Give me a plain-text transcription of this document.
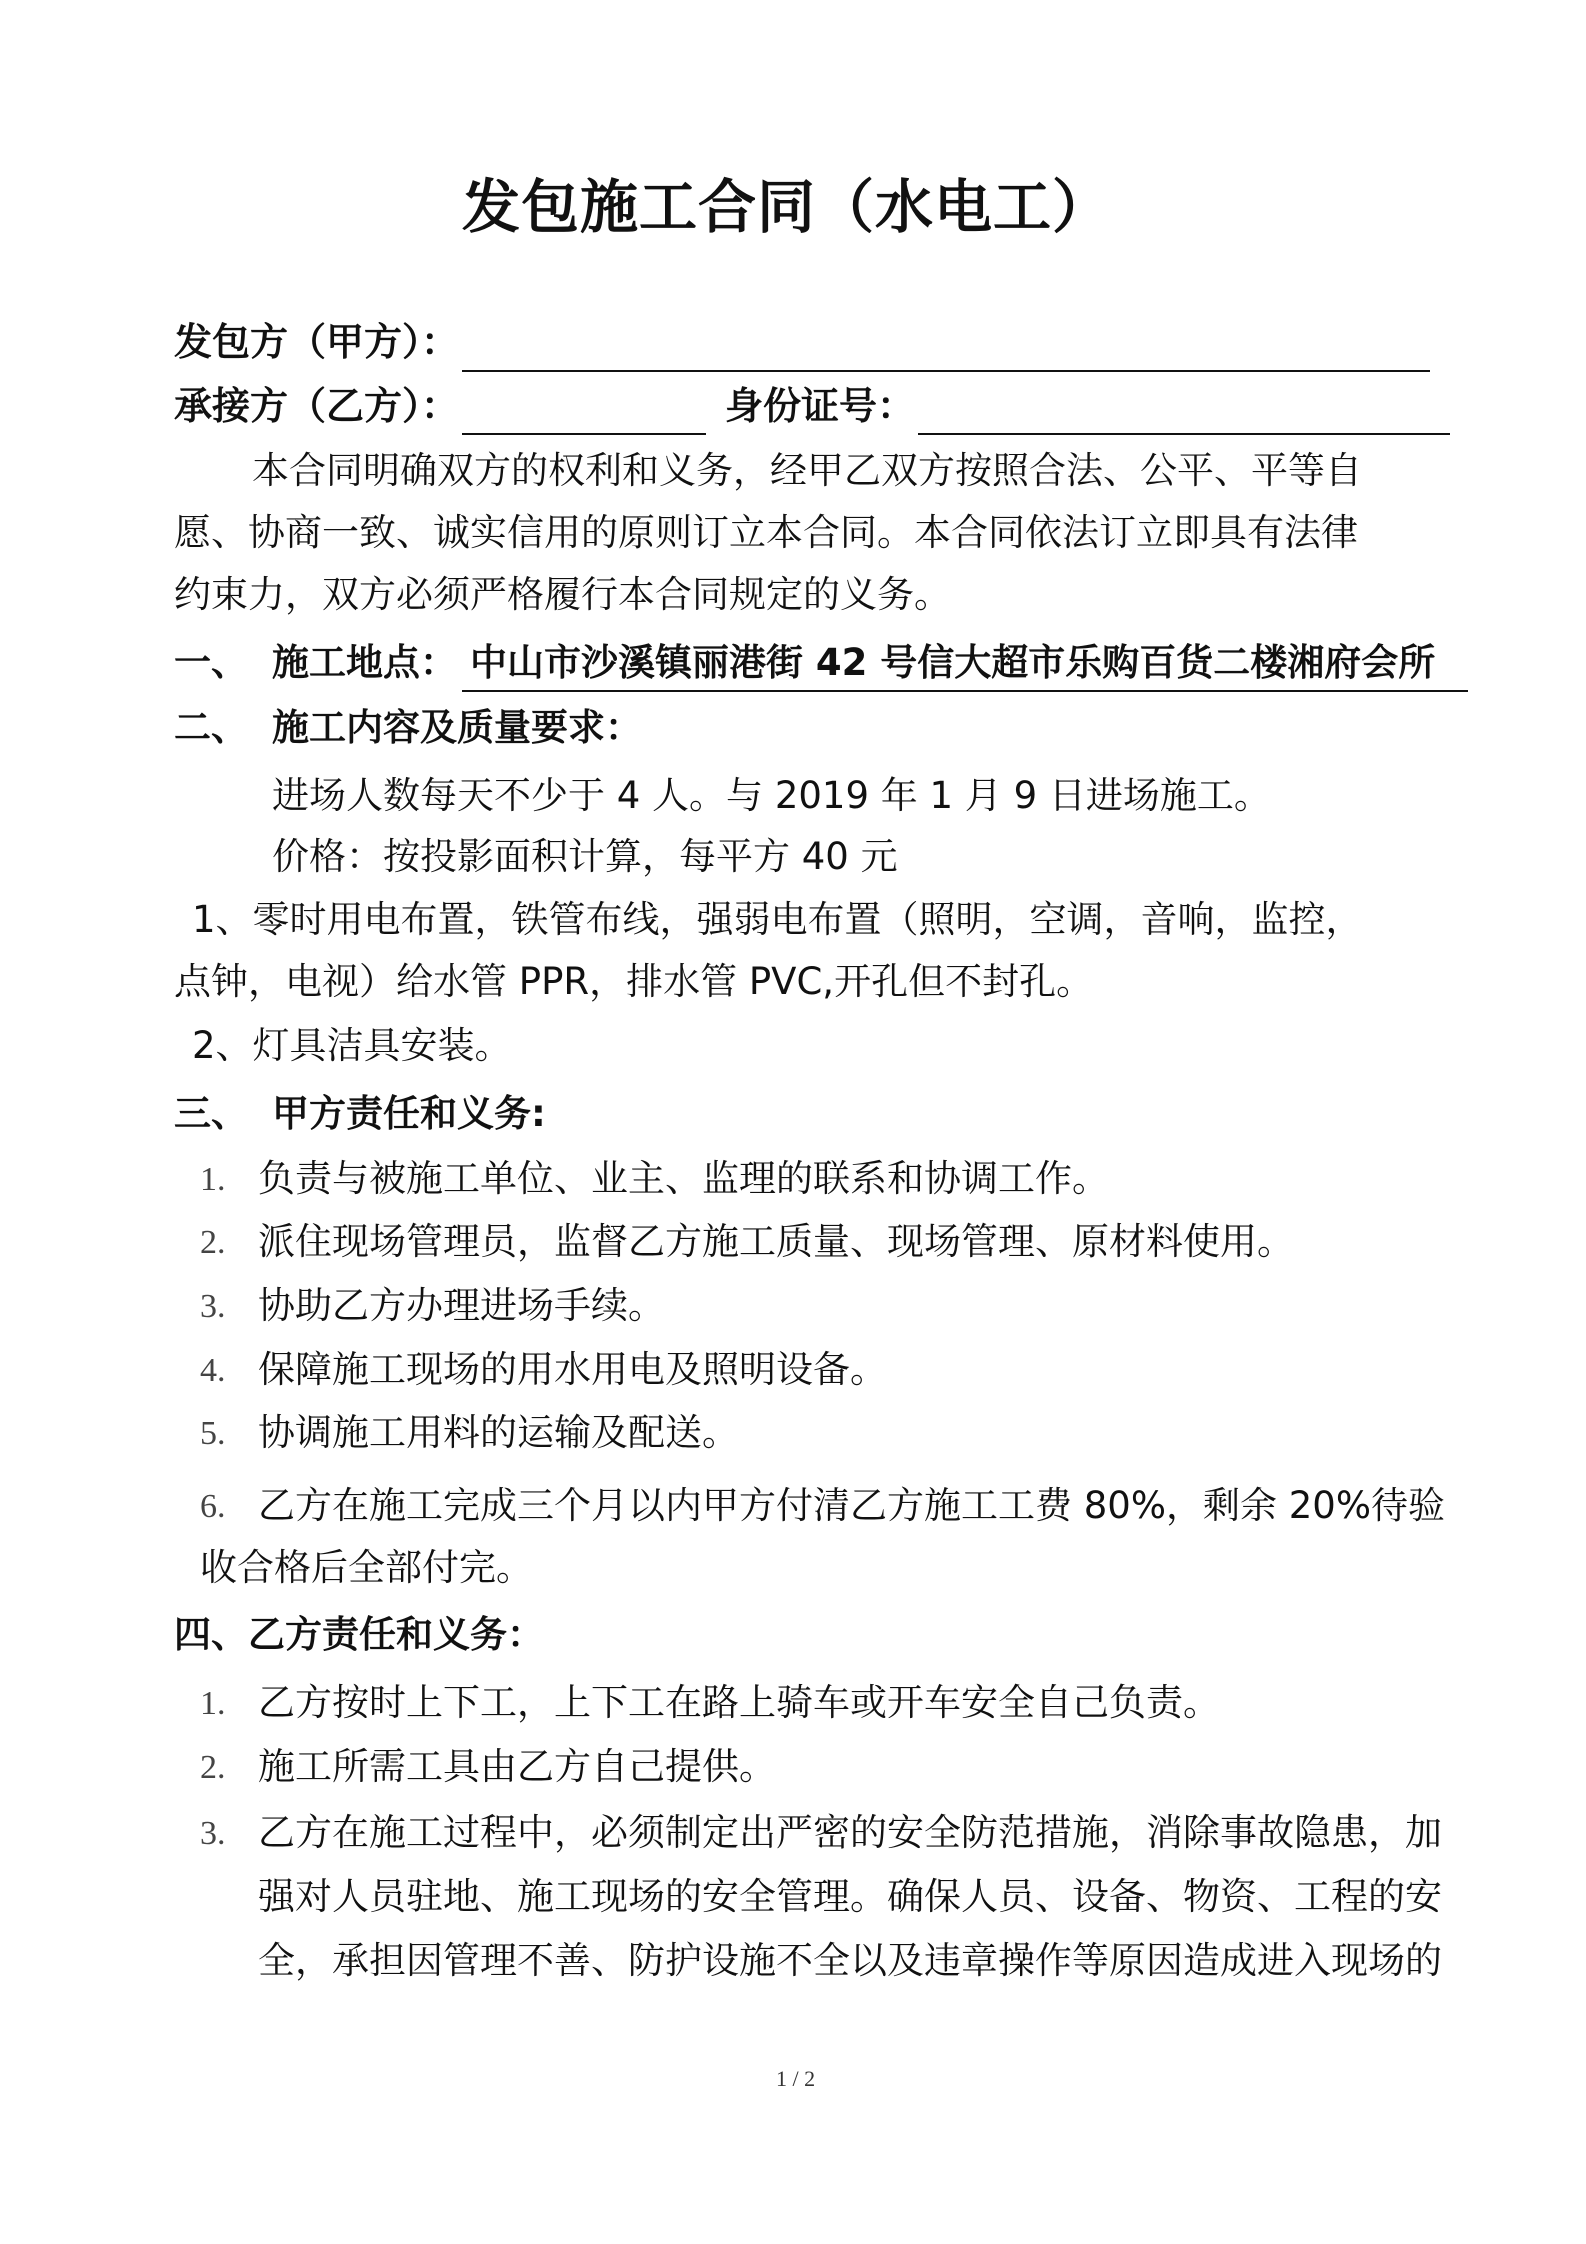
发包施工合同（水电工）
发包方（甲方）：
承接方（乙方）：	身份证号：
本合同明确双方的权利和义务，经甲乙双方按照合法、公平、平等自
愿、协商一致、诚实信用的原则订立本合同。本合同依法订立即具有法律
约束力，双方必须严格履行本合同规定的义务。
一、 施工地点： 中山市沙溪镇丽港街 42 号信大超市乐购百货二楼湘府会所
二、 施工内容及质量要求：
进场人数每天不少于 4 人。与 2019 年 1 月 9 日进场施工。
价格：按投影面积计算，每平方 40 元
1、零时用电布置，铁管布线，强弱电布置（照明，空调，音响，监控，
点钟，电视）给水管 PPR，排水管 PVC,开孔但不封孔。
2、灯具洁具安装。
三、 甲方责任和义务:
1. 负责与被施工单位、业主、监理的联系和协调工作。
2. 派住现场管理员，监督乙方施工质量、现场管理、原材料使用。
3. 协助乙方办理进场手续。
4. 保障施工现场的用水用电及照明设备。
5. 协调施工用料的运输及配送。
6. 乙方在施工完成三个月以内甲方付清乙方施工工费 80%，剩余 20%待验
收合格后全部付完。
四、乙方责任和义务：
1. 乙方按时上下工，上下工在路上骑车或开车安全自己负责。
2. 施工所需工具由乙方自己提供。
3. 乙方在施工过程中，必须制定出严密的安全防范措施，消除事故隐患，加
强对人员驻地、施工现场的安全管理。确保人员、设备、物资、工程的安
全，承担因管理不善、防护设施不全以及违章操作等原因造成进入现场的
1 / 2
